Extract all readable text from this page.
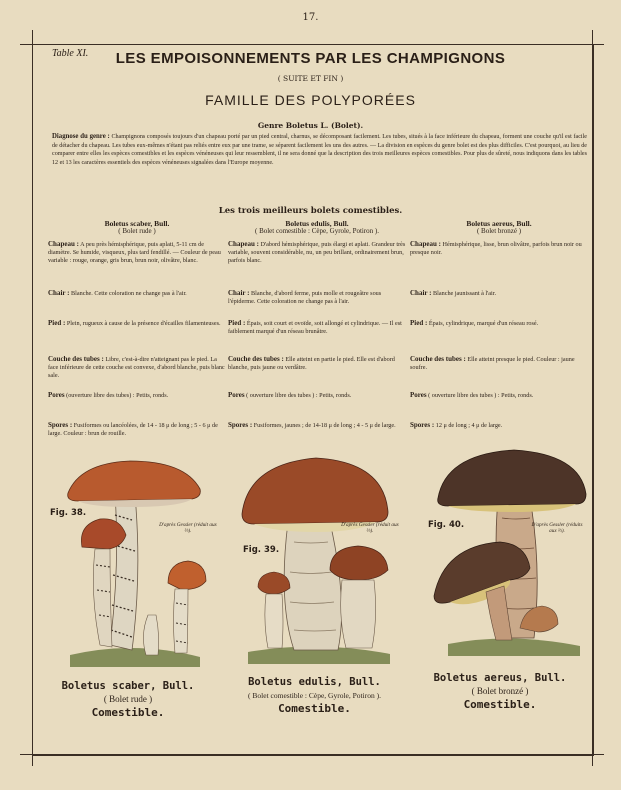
17.
Table XI.	LES EMPOISONNEMENTS PAR LES CHAMPIGNONS
( SUITE ET FIN )
FAMILLE DES POLYPORÉES
Genre Boletus L. (Bolet).
Diagnose du genre : Champignons composés toujours d'un chapeau porté par un pied central, charnus, se décomposant facilement. Les tubes, situés à la face inférieure du chapeau, forment une couche qu'il est facile de détacher du chapeau. Les tubes eux-mêmes n'étant pas reliés entre eux par une trame, se séparent facilement les uns des autres. — La division en espèces du genre bolet est des plus difficiles. C'est pourquoi, au lieu de comparer entre elles les espèces comestibles et les espèces vénéneuses qui leur ressemblent, il ne sera donné que la description des trois meilleures espèces comestibles. Pour plus de sûreté, nous indiquons dans les tables 12 et 13 les caractères essentiels des espèces vénéneuses signalées dans l'Europe moyenne.
Les trois meilleurs bolets comestibles.
Boletus scaber, Bull.
( Bolet rude )

Chapeau : A peu près hémisphérique, puis aplati, 5-11 cm de diamètre. Se humide, visqueux, plus tard fendillé. — Couleur de peau variable : rouge, orange, gris brun, brun noir, olivâtre, blanc.

Chair : Blanche. Cette coloration ne change pas à l'air.

Pied : Plein, rugueux à cause de la présence d'écailles filamenteuses.

Couche des tubes : Libre, c'est-à-dire n'atteignant pas le pied. La face inférieure de cette couche est convexe, d'abord blanche, puis blanc sale.

Pores (ouverture libre des tubes) : Petits, ronds.

Spores : Fusiformes ou lancéolées, de 14 - 18 μ de long ; 5 - 6 μ de large. Couleur : brun de rouille.

Boletus edulis, Bull.
( Bolet comestible : Cèpe, Gyrole, Potiron ).

Chapeau : D'abord hémisphérique, puis élargi et aplati. Grandeur très variable, souvent considérable, nu, un peu brillant, ordinairement brun, parfois blanc.

Chair : Blanche, d'abord ferme, puis molle et rougeâtre sous l'épiderme. Cette coloration ne change pas à l'air.

Pied : Épais, soit court et ovoïde, soit allongé et cylindrique. — Il est faiblement marqué d'un réseau brunâtre.

Couche des tubes : Elle atteint en partie le pied. Elle est d'abord blanche, puis jaune ou verdâtre.

Pores ( ouverture libre des tubes ) : Petits, ronds.

Spores : Fusiformes, jaunes ; de 14-18 μ de long ; 4 - 5 μ de large.

Boletus aereus, Bull.
( Bolet bronzé )

Chapeau : Hémisphérique, lisse, brun olivâtre, parfois brun noir ou presque noir.

Chair : Blanche jaunissant à l'air.

Pied : Épais, cylindrique, marqué d'un réseau rosé.

Couche des tubes : Elle atteint presque le pied. Couleur : jaune soufre.

Pores ( ouverture libre des tubes ) : Petits, ronds.

Spores : 12 μ de long ; 4 μ de large.

Fig. 38.
D'après Gessler (réduit aux ⅔).
Fig. 39.
D'après Gessler (réduit aux ⅔).
Fig. 40.	D'après Gessler (réduits aux ⅔).
Boletus scaber, Bull.
( Bolet rude )
Comestible.
Boletus edulis, Bull.
( Bolet comestible : Cèpe, Gyrole, Potiron ).
Comestible.
Boletus aereus, Bull.
( Bolet bronzé )
Comestible.
